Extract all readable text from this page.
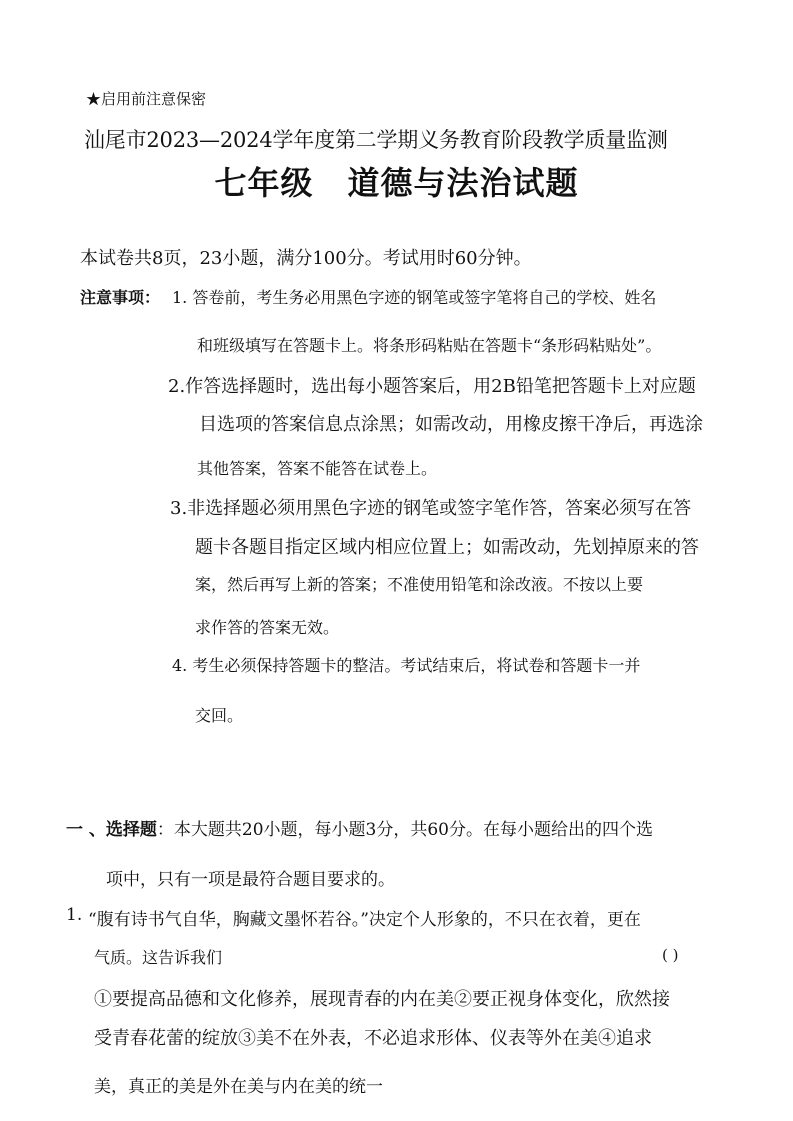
★启用前注意保密
汕尾市2023—2024学年度第二学期义务教育阶段教学质量监测
七年级 道德与法治试题
本试卷共8页，23小题，满分100分。考试用时60分钟。
注意事项： 1. 答卷前，考生务必用黑色字迹的钢笔或签字笔将自己的学校、姓名
和班级填写在答题卡上。将条形码粘贴在答题卡“条形码粘贴处”。
2.作答选择题时，选出每小题答案后，用2B铅笔把答题卡上对应题
目选项的答案信息点涂黑；如需改动，用橡皮擦干净后，再选涂
其他答案，答案不能答在试卷上。
3.非选择题必须用黑色字迹的钢笔或签字笔作答，答案必须写在答
题卡各题目指定区域内相应位置上；如需改动，先划掉原来的答
案，然后再写上新的答案；不准使用铅笔和涂改液。不按以上要
求作答的答案无效。
4. 考生必须保持答题卡的整洁。考试结束后，将试卷和答题卡一并
交回。
一 、选择题：本大题共20小题，每小题3分，共60分。在每小题给出的四个选
项中，只有一项是最符合题目要求的。
1. “腹有诗书气自华，胸藏文墨怀若谷。”决定个人形象的，不只在衣着，更在
气质。这告诉我们	( )
①要提高品德和文化修养，展现青春的内在美②要正视身体变化，欣然接
受青春花蕾的绽放③美不在外表，不必追求形体、仪表等外在美④追求
美，真正的美是外在美与内在美的统一
